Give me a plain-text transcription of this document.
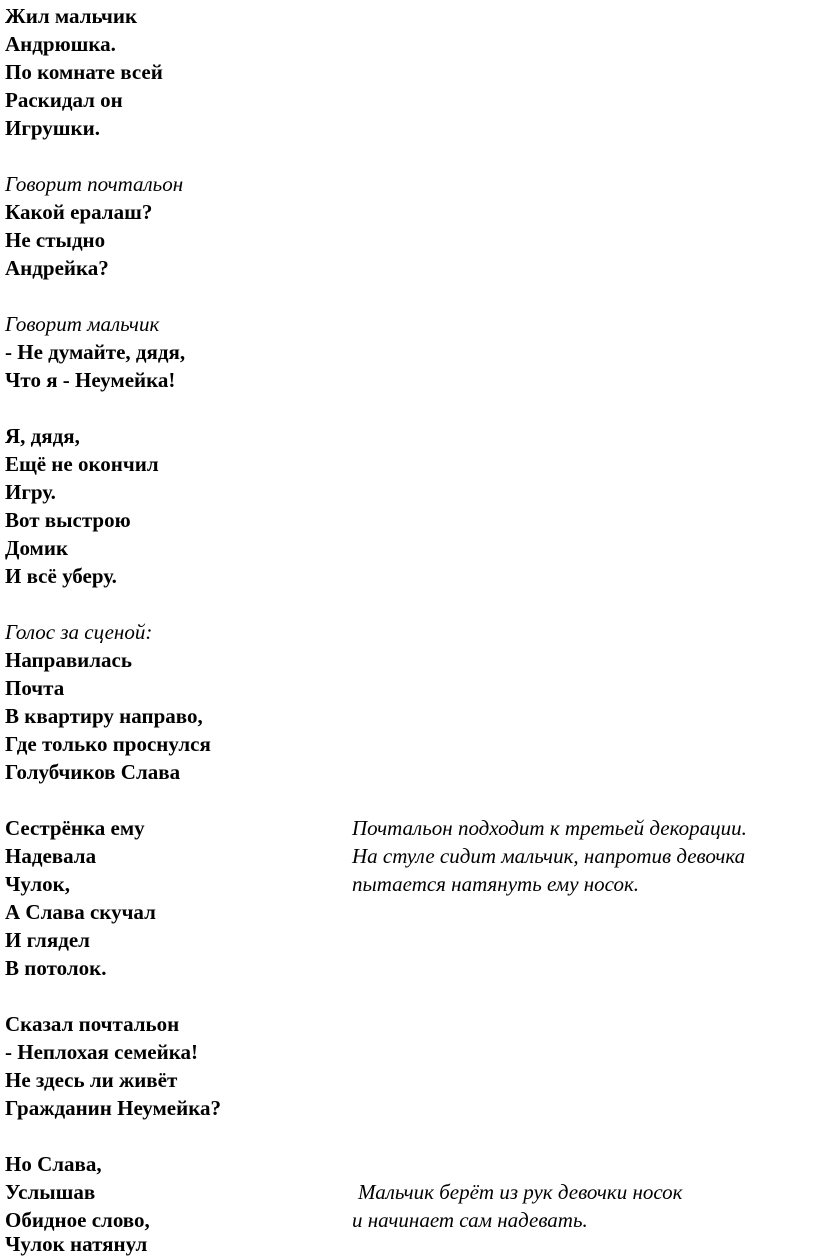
Жил мальчик
Андрюшка.
По комнате всей
Раскидал он
Игрушки.
Говорит почтальон
Какой ералаш?
Не стыдно
Андрейка?
Говорит мальчик
- Не думайте, дядя,
Что я - Неумейка!
Я, дядя,
Ещё не окончил
Игру.
Вот выстрою
Домик
И всё уберу.
Голос за сценой:
Направилась
Почта
В квартиру направо,
Где только проснулся
Голубчиков Слава
Сестрёнка ему
Надевала
Чулок,
А Слава скучал
И глядел
В потолок.
Почтальон подходит к третьей декорации.
На стуле сидит мальчик, напротив девочка
пытается натянуть ему носок.
Сказал почтальон
- Неплохая семейка!
Не здесь ли живёт
Гражданин Неумейка?
Но Слава,
Услышав
Обидное слово,
Чулок натянул
Мальчик берёт из рук девочки носок
и начинает сам надевать.
